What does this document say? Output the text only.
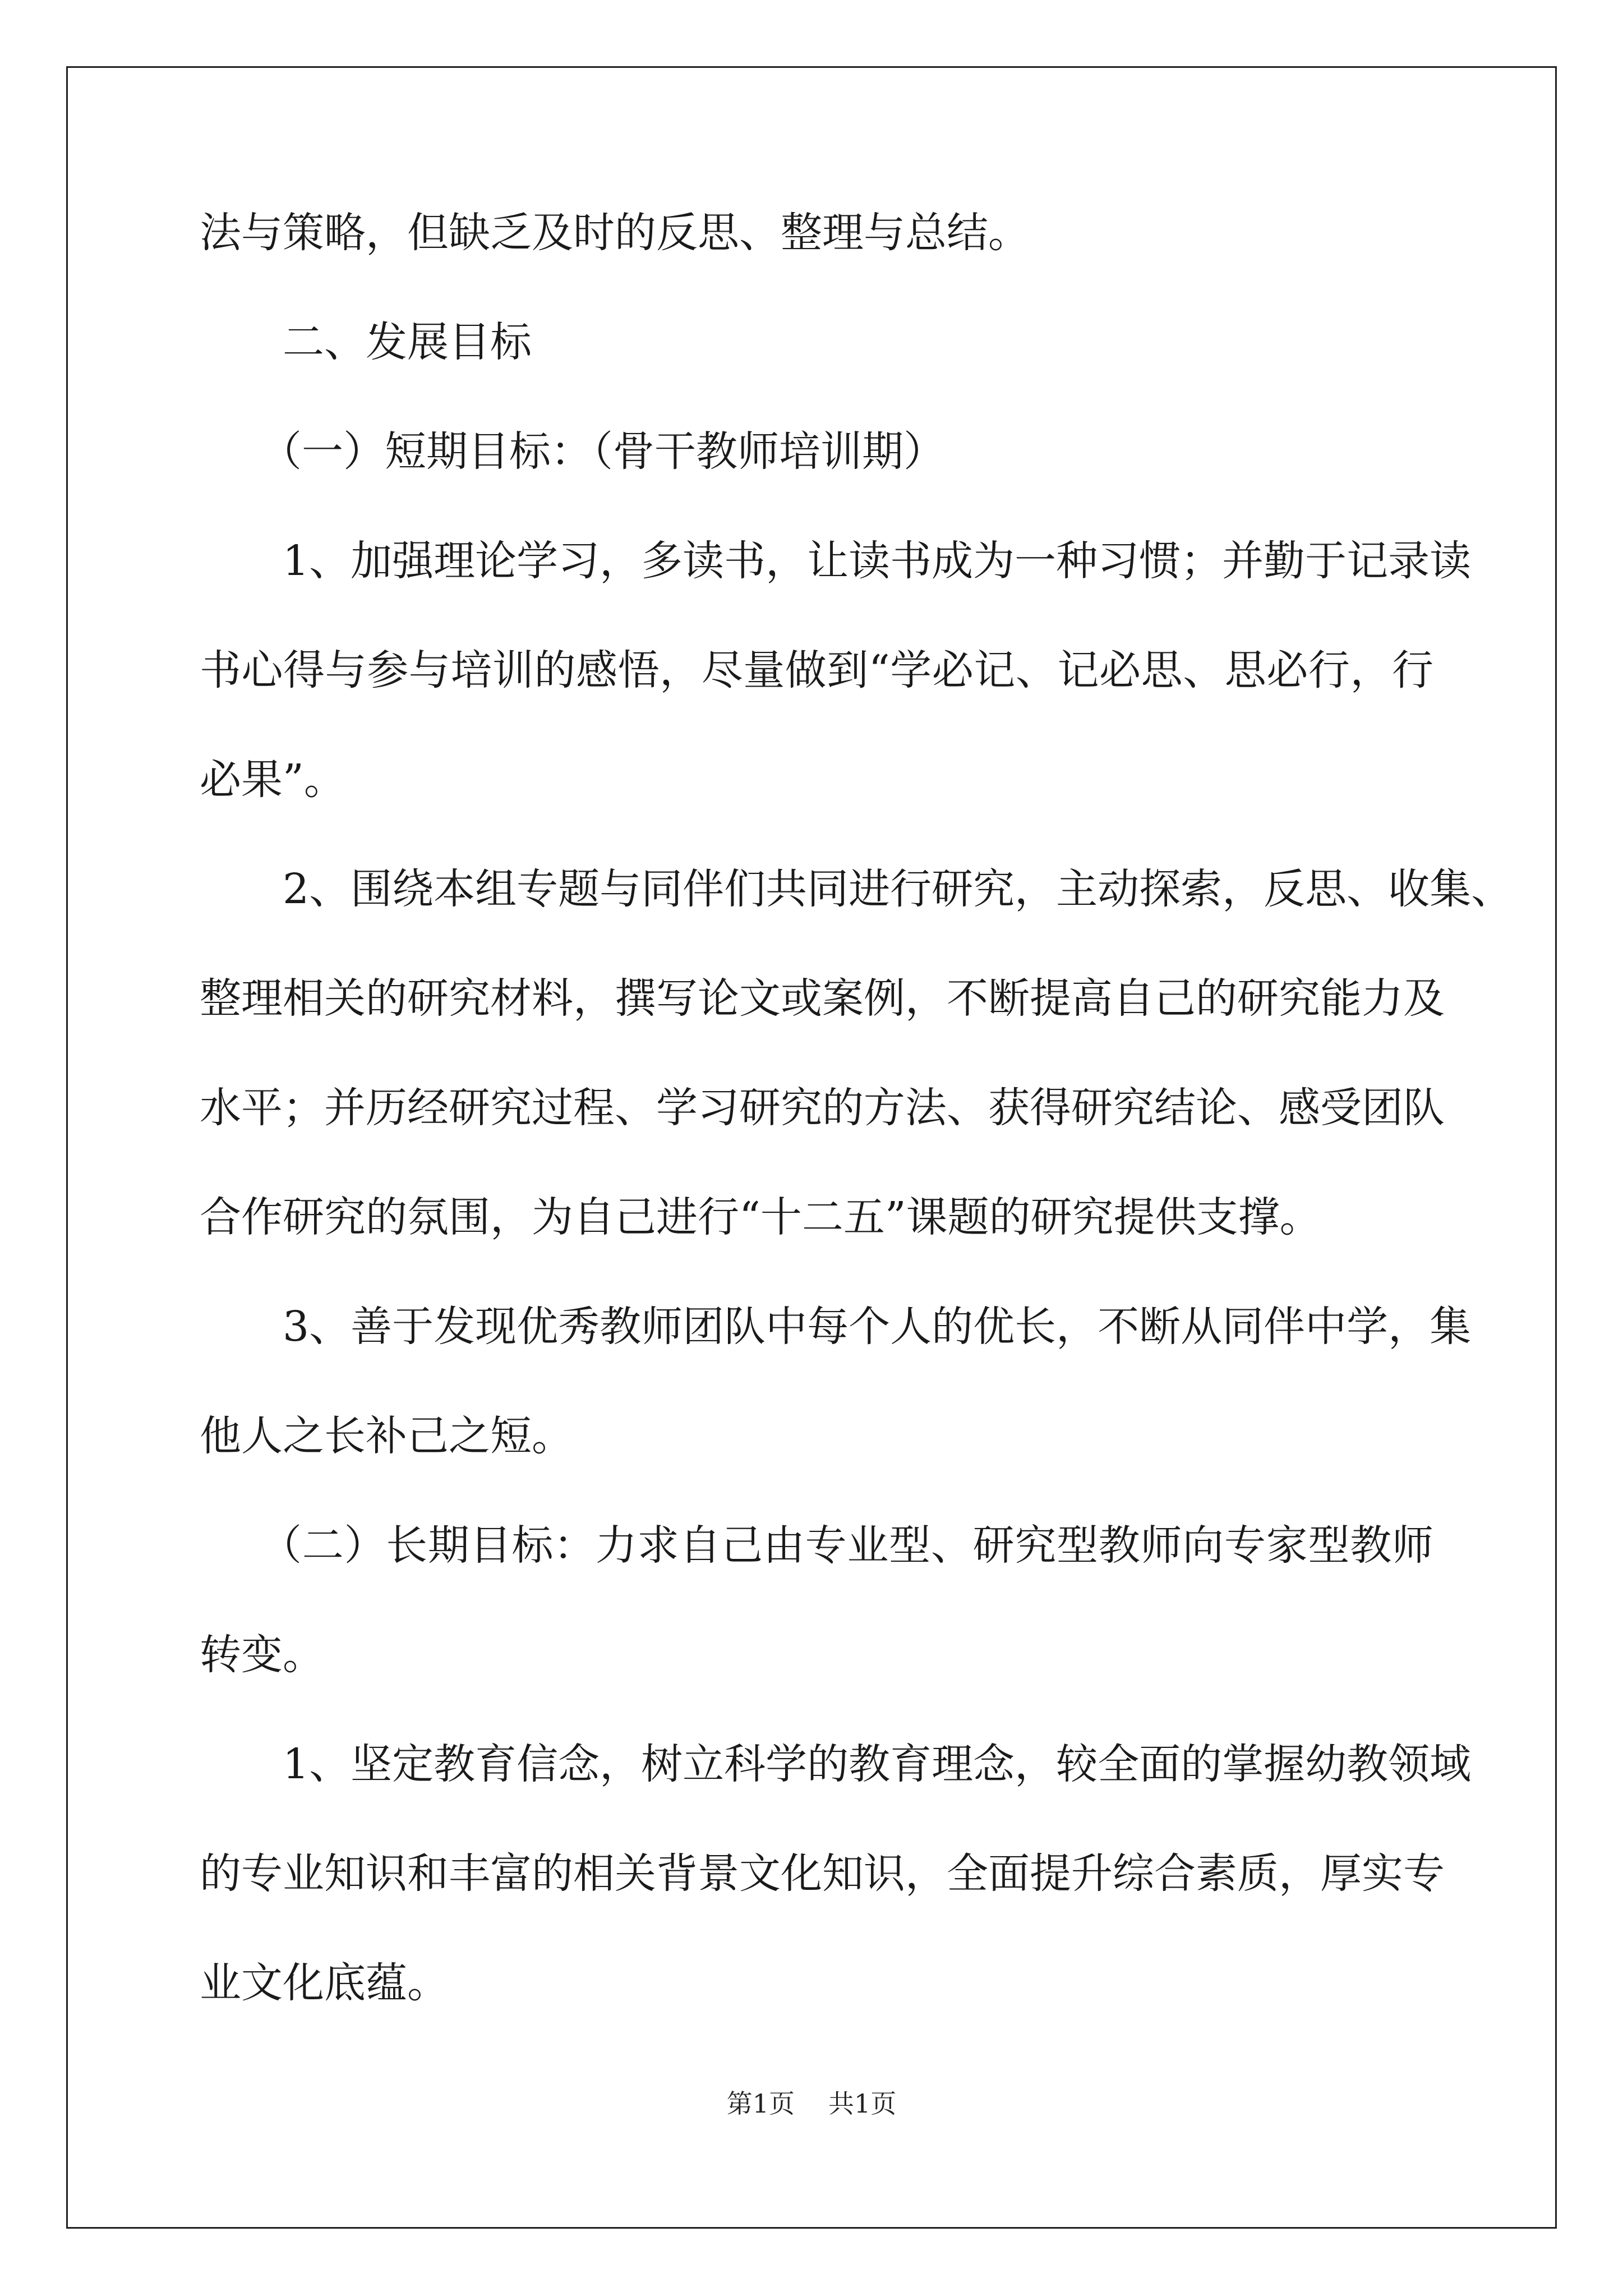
法与策略，但缺乏及时的反思、整理与总结。
二、发展目标
（一）短期目标：（骨干教师培训期）
1、加强理论学习，多读书，让读书成为一种习惯；并勤于记录读
书心得与参与培训的感悟，尽量做到“学必记、记必思、思必行，行
必果”。
2、围绕本组专题与同伴们共同进行研究，主动探索，反思、收集、
整理相关的研究材料，撰写论文或案例，不断提高自己的研究能力及
水平；并历经研究过程、学习研究的方法、获得研究结论、感受团队
合作研究的氛围，为自己进行“十二五”课题的研究提供支撑。
3、善于发现优秀教师团队中每个人的优长，不断从同伴中学，集
他人之长补己之短。
（二）长期目标：力求自己由专业型、研究型教师向专家型教师
转变。
1、坚定教育信念，树立科学的教育理念，较全面的掌握幼教领域
的专业知识和丰富的相关背景文化知识，全面提升综合素质，厚实专
业文化底蕴。
第1页 共1页
